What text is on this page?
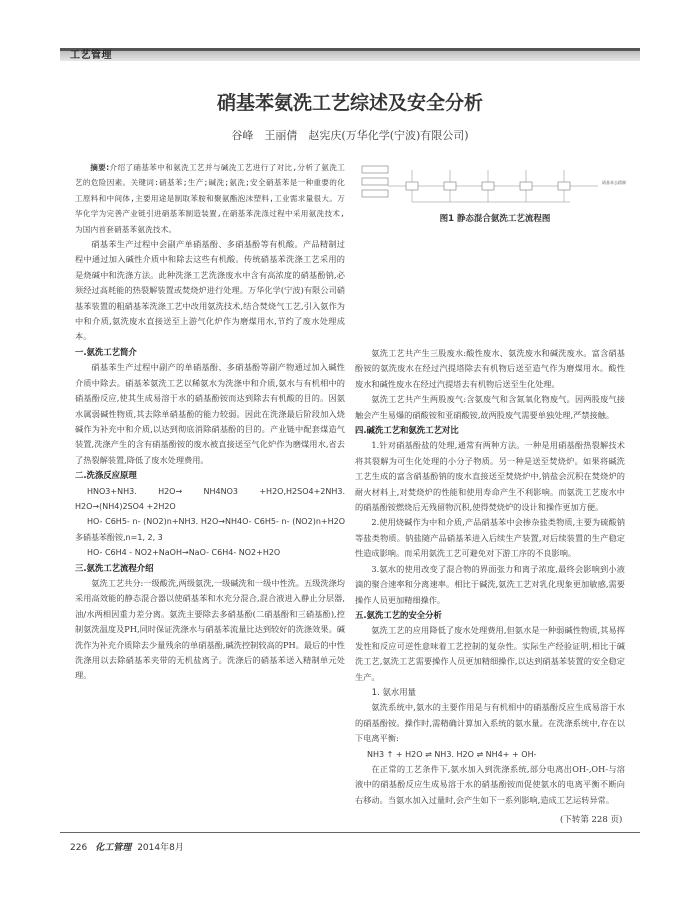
工艺管理
硝基苯氨洗工艺综述及安全分析
谷峰　王丽倩　赵宪庆(万华化学(宁波)有限公司)

摘要:介绍了硝基苯中和氨洗工艺并与碱洗工艺进行了对比,分析了氨洗工艺的危险因素。关键词:硝基苯;生产;碱洗;氨洗;安全硝基苯是一种重要的化工原料和中间体,主要用途是制取苯胺和聚氨酯泡沫塑料,工业需求量很大。万华化学为完善产业链引进硝基苯制造装置,在硝基苯洗涤过程中采用氨洗技术,为国内首套硝基苯氨洗技术。

硝基苯生产过程中会副产单硝基酚、多硝基酚等有机酸。产品精制过程中通过加入碱性介质中和除去这些有机酸。传统硝基苯洗涤工艺采用的是烧碱中和洗涤方法。此种洗涤工艺洗涤废水中含有高浓度的硝基酚钠,必须经过高耗能的热裂解装置或焚烧炉进行处理。万华化学(宁波)有限公司硝基苯装置的粗硝基苯洗涤工艺中改用氨洗技术,结合焚烧气工艺,引入氨作为中和介质,氨洗废水直接送至上游气化炉作为磨煤用水,节约了废水处理成本。

一.氨洗工艺简介

硝基苯生产过程中副产的单硝基酚、多硝基酚等副产物通过加入碱性介质中除去。硝基苯氨洗工艺以稀氨水为洗涤中和介质,氨水与有机相中的硝基酚反应,使其生成易溶于水的硝基酚铵而达到除去有机酸的目的。因氨水属弱碱性物质,其去除单硝基酚的能力较弱。因此在洗涤最后阶段加入烧碱作为补充中和介质,以达到彻底消除硝基酚的目的。产业链中配套煤造气装置,洗涤产生的含有硝基酚铵的废水被直接送至气化炉作为磨煤用水,省去了热裂解装置,降低了废水处理费用。

二.洗涤反应原理

HNO3+NH3. H2O→ NH4NO3 +H2O,H2SO4+2NH3. H2O→(NH4)2SO4 +2H2O

HO- C6H5- n- (NO2)n+NH3. H2O→NH4O- C6H5- n- (NO2)n+H2O 多硝基苯酚铵,n=1, 2, 3

HO- C6H4 - NO2+NaOH→NaO- C6H4- NO2+H2O

三.氨洗工艺流程介绍

氨洗工艺共分:一级酸洗,两级氨洗,一级碱洗和一级中性洗。五级洗涤均采用高效能的静态混合器以使硝基苯和水充分混合,混合液进入静止分层器,油/水两相因重力差分离。氨洗主要除去多硝基酚(二硝基酚和三硝基酚),控制氨洗温度及PH,同时保证洗涤水与硝基苯流量比达到较好的洗涤效果。碱洗作为补充介质除去少量残余的单硝基酚,碱洗控制较高的PH。最后的中性洗涤用以去除硝基苯夹带的无机盐离子。洗涤后的硝基苯送入精制单元处理。

硝基苯去精制
图1 静态混合氨洗工艺流程图

氨洗工艺共产生三股废水:酸性废水、氨洗废水和碱洗废水。富含硝基酚铵的氨洗废水在经过汽提塔除去有机物后送至造气作为磨煤用水。酸性废水和碱性废水在经过汽提塔去有机物后送至生化处理。

氨洗工艺共产生两股废气:含氨废气和含氮氧化物废气。因两股废气接触会产生易爆的硝酸铵和亚硝酸铵,故两股废气需要单独处理,严禁接触。

四.碱洗工艺和氨洗工艺对比

1.针对硝基酚盐的处理,通常有两种方法。一种是用硝基酚热裂解技术将其裂解为可生化处理的小分子物质。另一种是送至焚烧炉。如果将碱洗工艺生成的富含硝基酚钠的废水直接送至焚烧炉中,钠盐会沉积在焚烧炉的耐火材料上,对焚烧炉的性能和使用寿命产生不利影响。而氨洗工艺废水中的硝基酚铵燃烧后无残留物沉积,使得焚烧炉的设计和操作更加方便。

2.使用烧碱作为中和介质,产品硝基苯中会掺杂盐类物质,主要为硫酸钠等盐类物质。钠盐随产品硝基苯进入后续生产装置,对后续装置的生产稳定性造成影响。而采用氨洗工艺可避免对下游工序的不良影响。

3.氨水的使用改变了混合物的界面张力和离子浓度,最终会影响到小液滴的聚合速率和分离速率。相比于碱洗,氨洗工艺对乳化现象更加敏感,需要操作人员更加精细操作。

五.氨洗工艺的安全分析

氨洗工艺的应用降低了废水处理费用,但氨水是一种弱碱性物质,其易挥发性和反应可逆性意味着工艺控制的复杂性。实际生产经验证明,相比于碱洗工艺,氨洗工艺需要操作人员更加精细操作,以达到硝基苯装置的安全稳定生产。

1. 氨水用量

氨洗系统中,氨水的主要作用是与有机相中的硝基酚反应生成易溶于水的硝基酚铵。操作时,需精确计算加入系统的氨水量。在洗涤系统中,存在以下电离平衡:

NH3 ↑ + H2O ⇌ NH3. H2O ⇌ NH4+ + OH-

在正常的工艺条件下,氨水加入到洗涤系统,部分电离出OH-,OH-与溶液中的硝基酚反应生成易溶于水的硝基酚铵而促使氨水的电离平衡不断向右移动。当氨水加入过量时,会产生如下一系列影响,造成工艺运转异常。

(下转第 228 页)
226 化工管理 2014年8月
